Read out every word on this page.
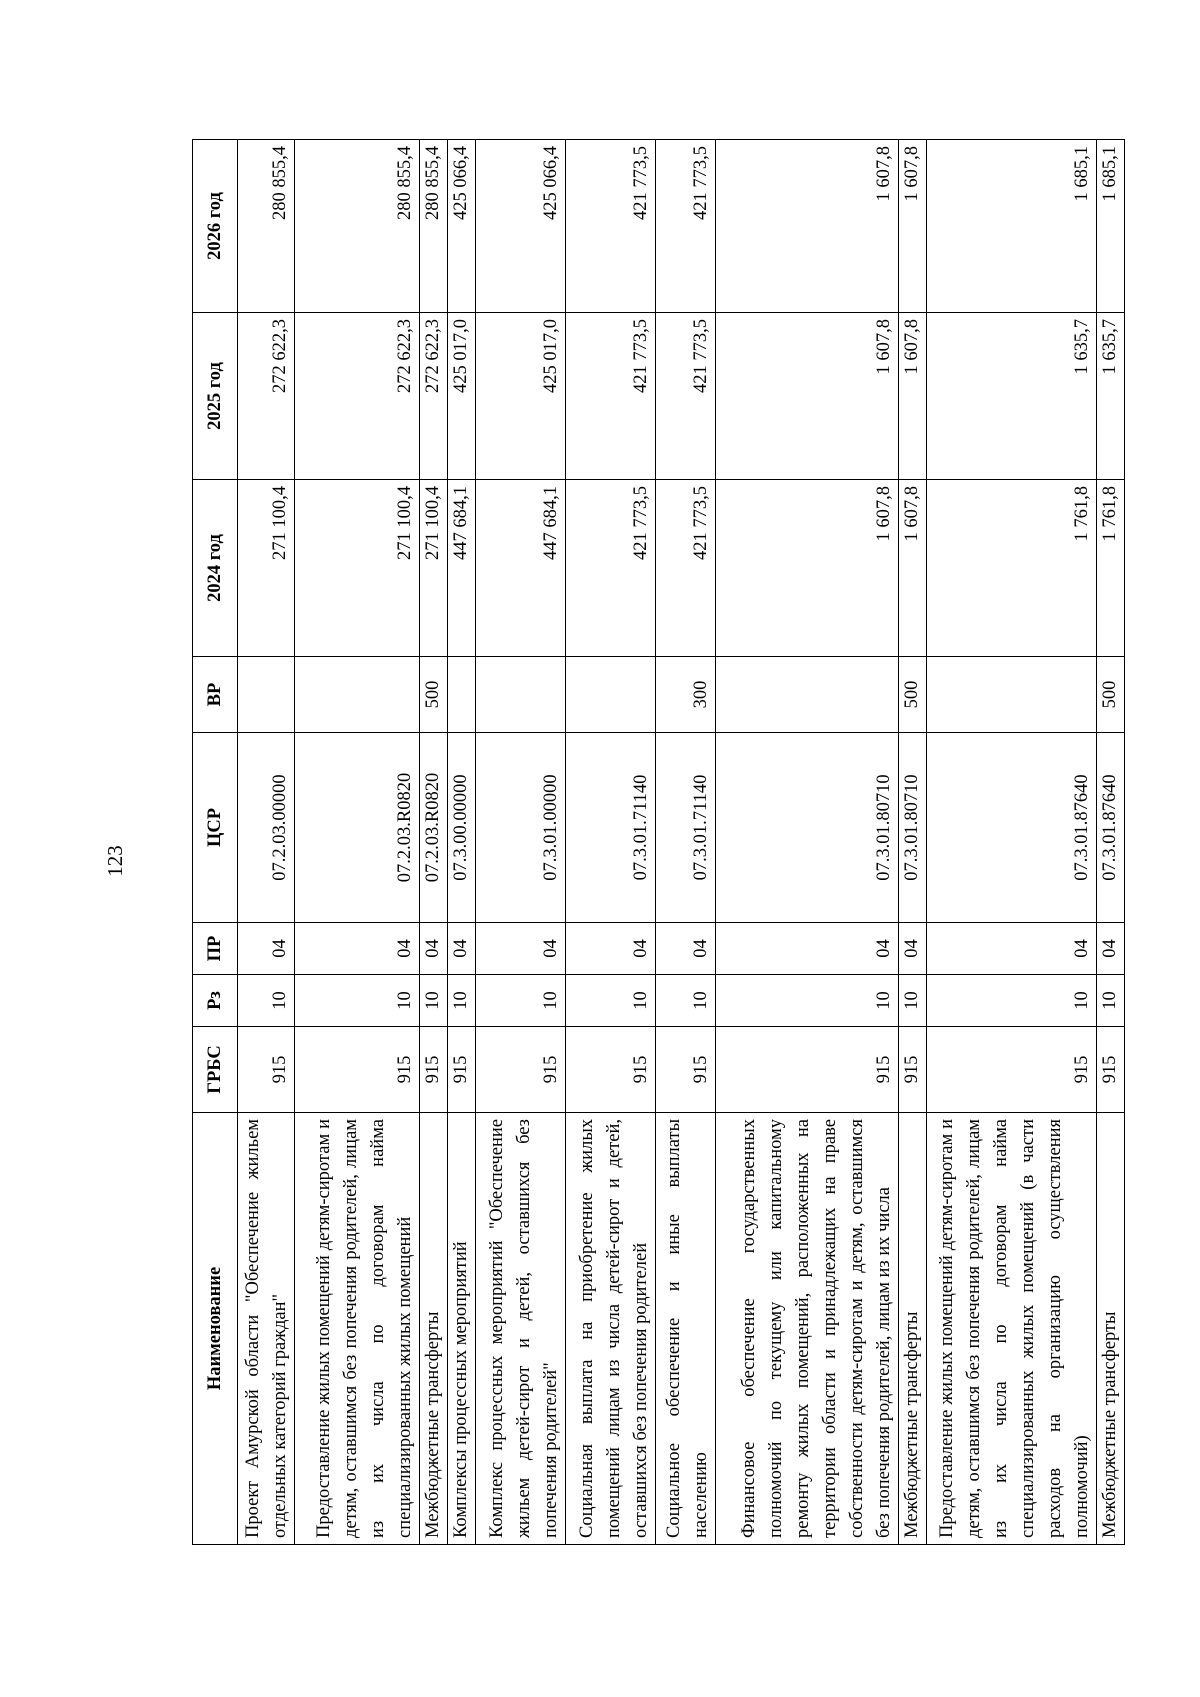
123
Наименование	ГРБС	Рз	ПР	ЦСР	ВР	2024 год	2025 год	2026 год
Проект Амурской области "Обеспечение жильем отдельных категорий граждан"	915	10	04	07.2.03.00000		271 100,4	272 622,3	280 855,4
Предоставление жилых помещений детям-сиротам и детям, оставшимся без попечения родителей, лицам из их числа по договорам найма специализированных жилых помещений	915	10	04	07.2.03.R0820		271 100,4	272 622,3	280 855,4
Межбюджетные трансферты	915	10	04	07.2.03.R0820	500	271 100,4	272 622,3	280 855,4
Комплексы процессных мероприятий	915	10	04	07.3.00.00000		447 684,1	425 017,0	425 066,4
Комплекс процессных мероприятий "Обеспечение жильем детей-сирот и детей, оставшихся без попечения родителей"	915	10	04	07.3.01.00000		447 684,1	425 017,0	425 066,4
Социальная выплата на приобретение жилых помещений лицам из числа детей-сирот и детей, оставшихся без попечения родителей	915	10	04	07.3.01.71140		421 773,5	421 773,5	421 773,5
Социальное обеспечение и иные выплаты населению	915	10	04	07.3.01.71140	300	421 773,5	421 773,5	421 773,5
Финансовое обеспечение государственных полномочий по текущему или капитальному ремонту жилых помещений, расположенных на территории области и принадлежащих на праве собственности детям-сиротам и детям, оставшимся без попечения родителей, лицам из их числа	915	10	04	07.3.01.80710		1 607,8	1 607,8	1 607,8
Межбюджетные трансферты	915	10	04	07.3.01.80710	500	1 607,8	1 607,8	1 607,8
Предоставление жилых помещений детям-сиротам и детям, оставшимся без попечения родителей, лицам из их числа по договорам найма специализированных жилых помещений (в части расходов на организацию осуществления полномочий)	915	10	04	07.3.01.87640		1 761,8	1 635,7	1 685,1
Межбюджетные трансферты	915	10	04	07.3.01.87640	500	1 761,8	1 635,7	1 685,1
